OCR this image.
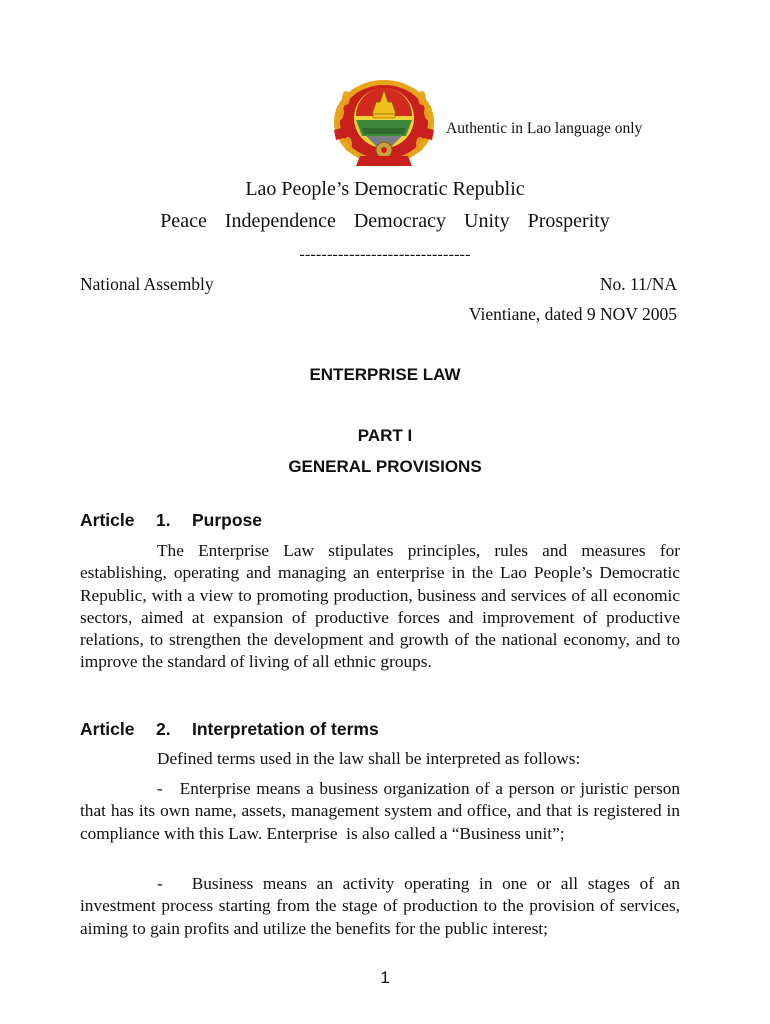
Authentic in Lao language only
Lao People’s Democratic Republic
Peace  Independence  Democracy  Unity  Prosperity
-------------------------------
National Assembly	No. 11/NA
Vientiane, dated 9 NOV 2005
ENTERPRISE LAW
PART I
GENERAL PROVISIONS
Article 1. Purpose
The Enterprise Law stipulates principles, rules and measures for establishing, operating and managing an enterprise in the Lao People’s Democratic Republic, with a view to promoting production, business and services of all economic sectors, aimed at expansion of productive forces and improvement of productive relations, to strengthen the development and growth of the national economy, and to improve the standard of living of all ethnic groups.
Article 2. Interpretation of terms
Defined terms used in the law shall be interpreted as follows:
-   Enterprise means a business organization of a person or juristic person that has its own name, assets, management system and office, and that is registered in compliance with this Law. Enterprise  is also called a “Business unit”;
-   Business means an activity operating in one or all stages of an investment process starting from the stage of production to the provision of services, aiming to gain profits and utilize the benefits for the public interest;
1
